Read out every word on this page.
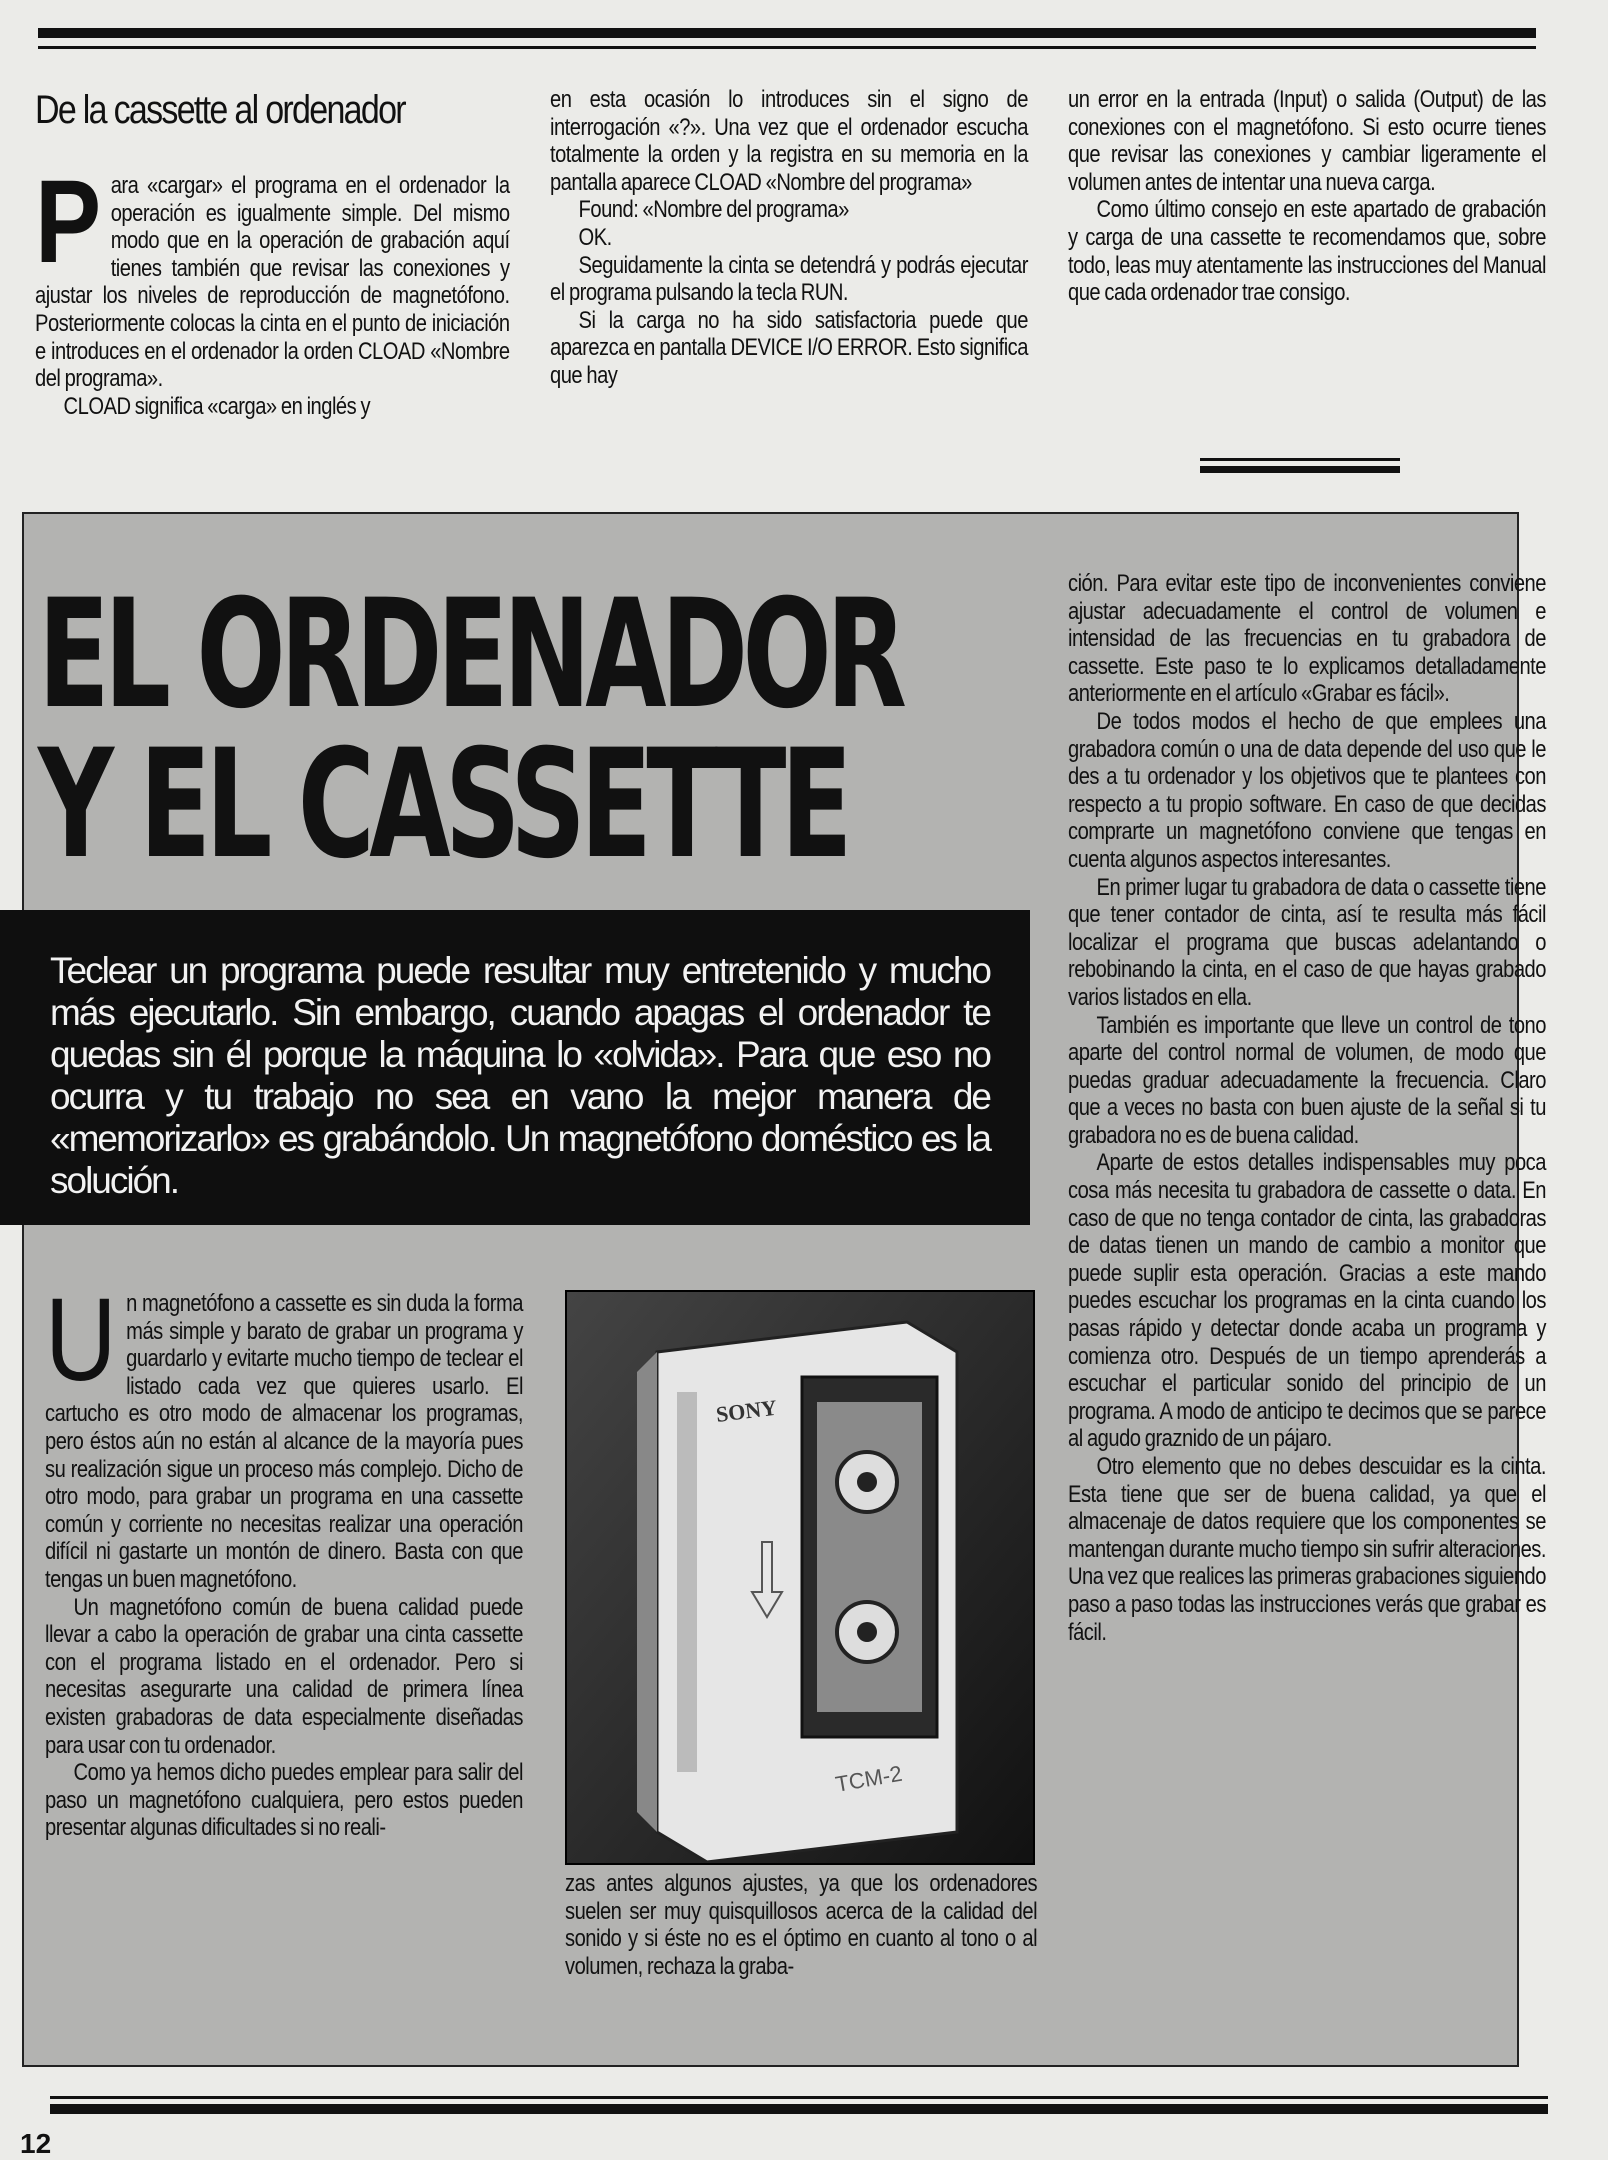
De la cassette al ordenador
P ara «cargar» el programa en el ordenador la operación es igualmente simple. Del mismo modo que en la operación de grabación aquí tienes también que revisar las conexiones y ajustar los niveles de reproducción de magnetófono. Posteriormente colocas la cinta en el punto de iniciación e introduces en el ordenador la orden CLOAD «Nombre del programa».

CLOAD significa «carga» en inglés y

en esta ocasión lo introduces sin el signo de interrogación «?». Una vez que el ordenador escucha totalmente la orden y la registra en su memoria en la pantalla aparece CLOAD «Nombre del programa»

Found: «Nombre del programa»

OK.

Seguidamente la cinta se detendrá y podrás ejecutar el programa pulsando la tecla RUN.

Si la carga no ha sido satisfactoria puede que aparezca en pantalla DEVICE I/O ERROR. Esto significa que hay

un error en la entrada (Input) o salida (Output) de las conexiones con el magnetófono. Si esto ocurre tienes que revisar las conexiones y cambiar ligeramente el volumen antes de intentar una nueva carga.

Como último consejo en este apartado de grabación y carga de una cassette te recomendamos que, sobre todo, leas muy atentamente las instrucciones del Manual que cada ordenador trae consigo.

EL ORDENADOR
Y EL CASSETTE
Teclear un programa puede resultar muy entretenido y mucho más ejecutarlo. Sin embargo, cuando apagas el ordenador te quedas sin él porque la máquina lo «olvida». Para que eso no ocurra y tu trabajo no sea en vano la mejor manera de «memorizarlo» es grabándolo. Un magnetófono doméstico es la solución.
U n magnetófono a cassette es sin duda la forma más simple y barato de grabar un programa y guardarlo y evitarte mucho tiempo de teclear el listado cada vez que quieres usarlo. El cartucho es otro modo de almacenar los programas, pero éstos aún no están al alcance de la mayoría pues su realización sigue un proceso más complejo. Dicho de otro modo, para grabar un programa en una cassette común y corriente no necesitas realizar una operación difícil ni gastarte un montón de dinero. Basta con que tengas un buen magnetófono.

Un magnetófono común de buena calidad puede llevar a cabo la operación de grabar una cinta cassette con el programa listado en el ordenador. Pero si necesitas asegurarte una calidad de primera línea existen grabadoras de data especialmente diseñadas para usar con tu ordenador.

Como ya hemos dicho puedes emplear para salir del paso un magnetófono cualquiera, pero estos pueden presentar algunas dificultades si no reali-

SONY
TCM-2

zas antes algunos ajustes, ya que los ordenadores suelen ser muy quisquillosos acerca de la calidad del sonido y si éste no es el óptimo en cuanto al tono o al volumen, rechaza la graba-

ción. Para evitar este tipo de inconvenientes conviene ajustar adecuadamente el control de volumen e intensidad de las frecuencias en tu grabadora de cassette. Este paso te lo explicamos detalladamente anteriormente en el artículo «Grabar es fácil».

De todos modos el hecho de que emplees una grabadora común o una de data depende del uso que le des a tu ordenador y los objetivos que te plantees con respecto a tu propio software. En caso de que decidas comprarte un magnetófono conviene que tengas en cuenta algunos aspectos interesantes.

En primer lugar tu grabadora de data o cassette tiene que tener contador de cinta, así te resulta más fácil localizar el programa que buscas adelantando o rebobinando la cinta, en el caso de que hayas grabado varios listados en ella.

También es importante que lleve un control de tono aparte del control normal de volumen, de modo que puedas graduar adecuadamente la frecuencia. Claro que a veces no basta con buen ajuste de la señal si tu grabadora no es de buena calidad.

Aparte de estos detalles indispensables muy poca cosa más necesita tu grabadora de cassette o data. En caso de que no tenga contador de cinta, las grabadoras de datas tienen un mando de cambio a monitor que puede suplir esta operación. Gracias a este mando puedes escuchar los programas en la cinta cuando los pasas rápido y detectar donde acaba un programa y comienza otro. Después de un tiempo aprenderás a escuchar el particular sonido del principio de un programa. A modo de anticipo te decimos que se parece al agudo graznido de un pájaro.

Otro elemento que no debes descuidar es la cinta. Esta tiene que ser de buena calidad, ya que el almacenaje de datos requiere que los componentes se mantengan durante mucho tiempo sin sufrir alteraciones. Una vez que realices las primeras grabaciones siguiendo paso a paso todas las instrucciones verás que grabar es fácil.

12
